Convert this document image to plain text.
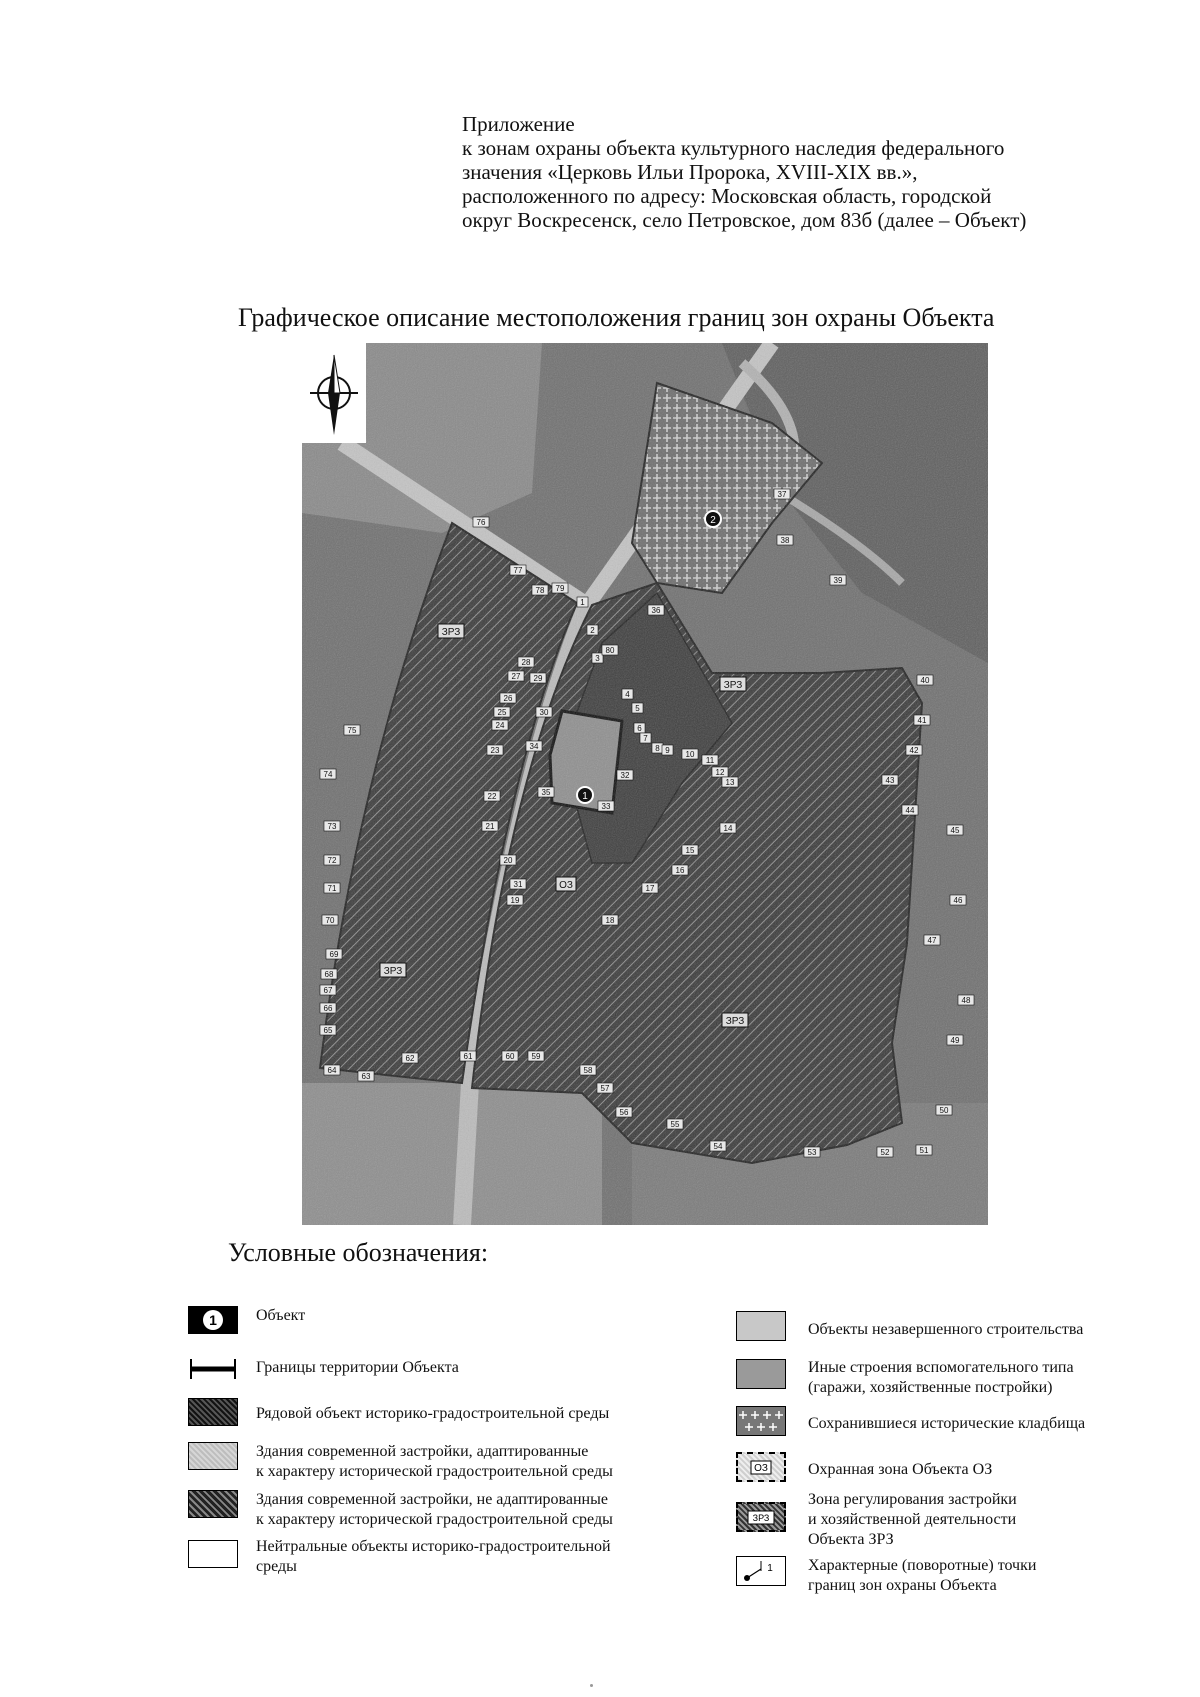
Приложение
к зонам охраны объекта культурного наследия федерального
значения «Церковь Ильи Пророка, XVIII-XIX вв.»,
расположенного по адресу: Московская область, городской
округ Воскресенск, село Петровское, дом 83б (далее – Объект)
Графическое описание местоположения границ зон охраны Объекта
1
2
ЗРЗ
ЗРЗ
ЗРЗ
ЗРЗ
ОЗ
1
2
3
4
5
6
7
8 9 10
11
12
13
14
15
16
17
18
19
20
21
22
23
24
25
26
27
28
29
30
31
32
33
34
35
36
37
38
39
40
41
42
43
44
45
46
47
48
49
50
51
52
53
54
55
56
57
58
59
60
61
62
63
64
65
66
67
68
69
70
71
72
73
74
75
76
77
78 79
80
Условные обозначения:
1 Объект
Границы территории Объекта
Рядовой объект историко-градостроительной среды
Здания современной застройки, адаптированные
к характеру исторической градостроительной среды
Здания современной застройки, не адаптированные
к характеру исторической градостроительной среды
Нейтральные объекты историко-градостроительной
среды
Объекты незавершенного строительства
Иные строения вспомогательного типа
(гаражи, хозяйственные постройки)
Сохранившиеся исторические кладбища
ОЗ	Охранная зона Объекта ОЗ
ЗРЗ
Зона регулирования застройки
и хозяйственной деятельности
Объекта ЗРЗ
1 Характерные (поворотные) точки
границ зон охраны Объекта
